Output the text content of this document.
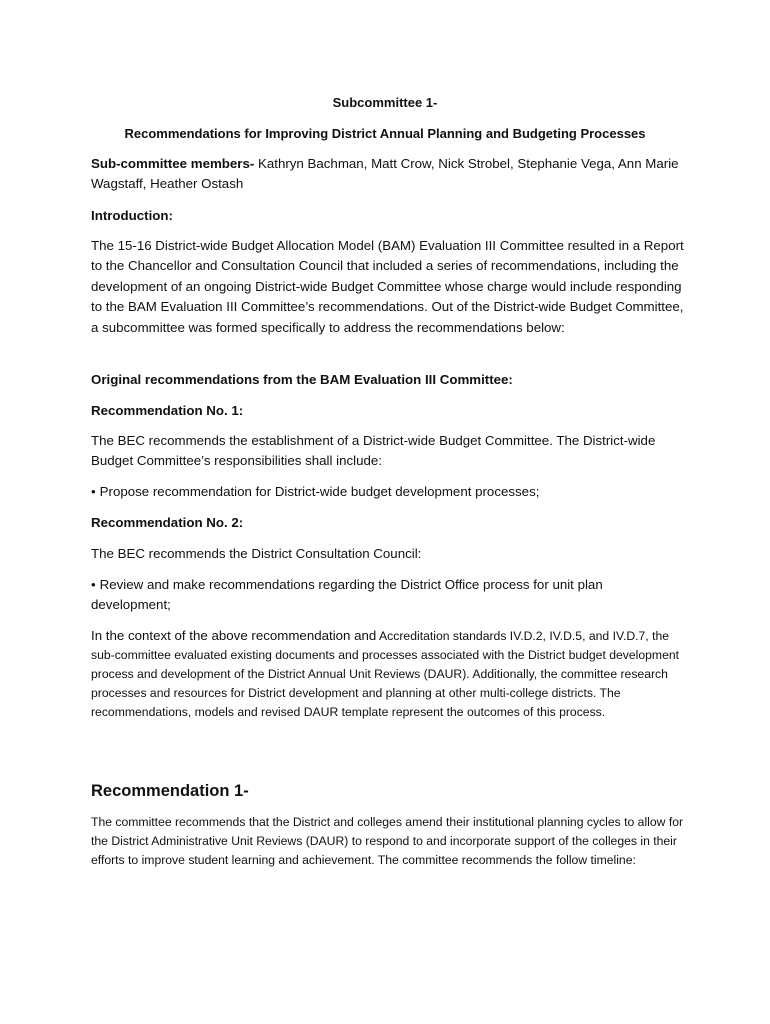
Subcommittee 1-
Recommendations for Improving District Annual Planning and Budgeting Processes
Sub-committee members- Kathryn Bachman, Matt Crow, Nick Strobel, Stephanie Vega, Ann Marie Wagstaff, Heather Ostash
Introduction:
The 15-16 District-wide Budget Allocation Model (BAM) Evaluation III Committee resulted in a Report to the Chancellor and Consultation Council that included a series of recommendations, including the development of an ongoing District-wide Budget Committee whose charge would include responding to the BAM Evaluation III Committee’s recommendations. Out of the District-wide Budget Committee, a subcommittee was formed specifically to address the recommendations below:
Original recommendations from the BAM Evaluation III Committee:
Recommendation No. 1:
The BEC recommends the establishment of a District-wide Budget Committee. The District-wide Budget Committee’s responsibilities shall include:
• Propose recommendation for District-wide budget development processes;
Recommendation No. 2:
The BEC recommends the District Consultation Council:
• Review and make recommendations regarding the District Office process for unit plan development;
In the context of the above recommendation and Accreditation standards IV.D.2, IV.D.5, and IV.D.7, the sub-committee evaluated existing documents and processes associated with the District budget development process and development of the District Annual Unit Reviews (DAUR). Additionally, the committee research processes and resources for District development and planning at other multi-college districts. The recommendations, models and revised DAUR template represent the outcomes of this process.
Recommendation 1-
The committee recommends that the District and colleges amend their institutional planning cycles to allow for the District Administrative Unit Reviews (DAUR) to respond to and incorporate support of the colleges in their efforts to improve student learning and achievement. The committee recommends the follow timeline:
